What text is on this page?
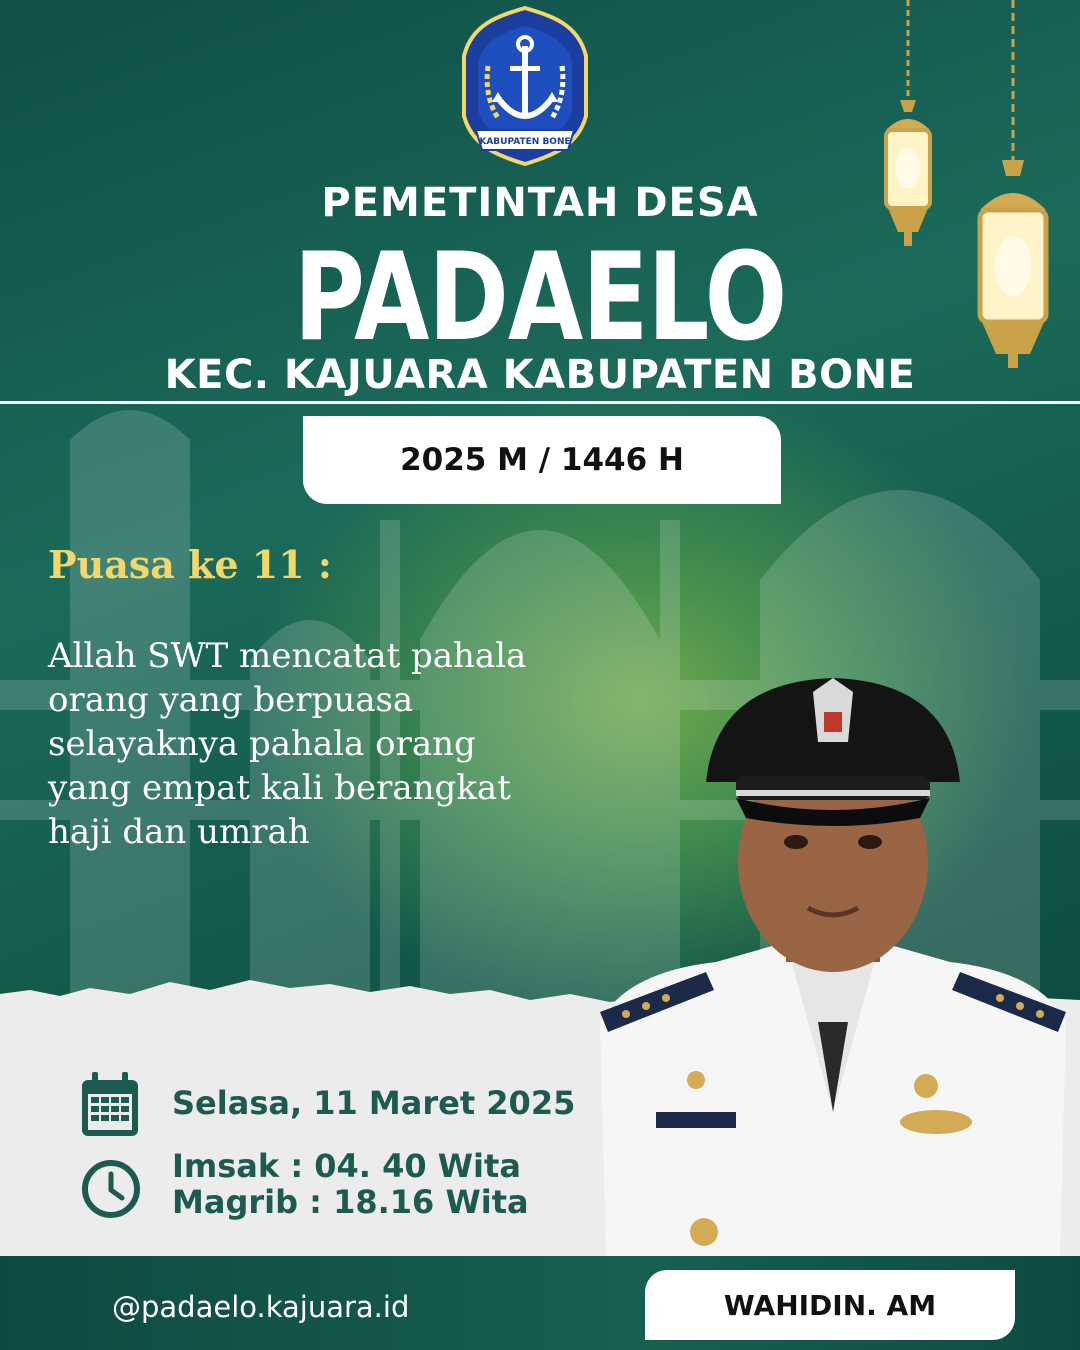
KABUPATEN BONE
PEMETINTAH DESA
PADAELO
KEC. KAJUARA KABUPATEN BONE
2025 M / 1446 H
Puasa ke 11 :
Allah SWT mencatat pahala orang yang berpuasa selayaknya pahala orang yang empat kali berangkat haji dan umrah
Selasa, 11 Maret 2025
Imsak : 04. 40 Wita
Magrib : 18.16 Wita
@padaelo.kajuara.id	WAHIDIN. AM
